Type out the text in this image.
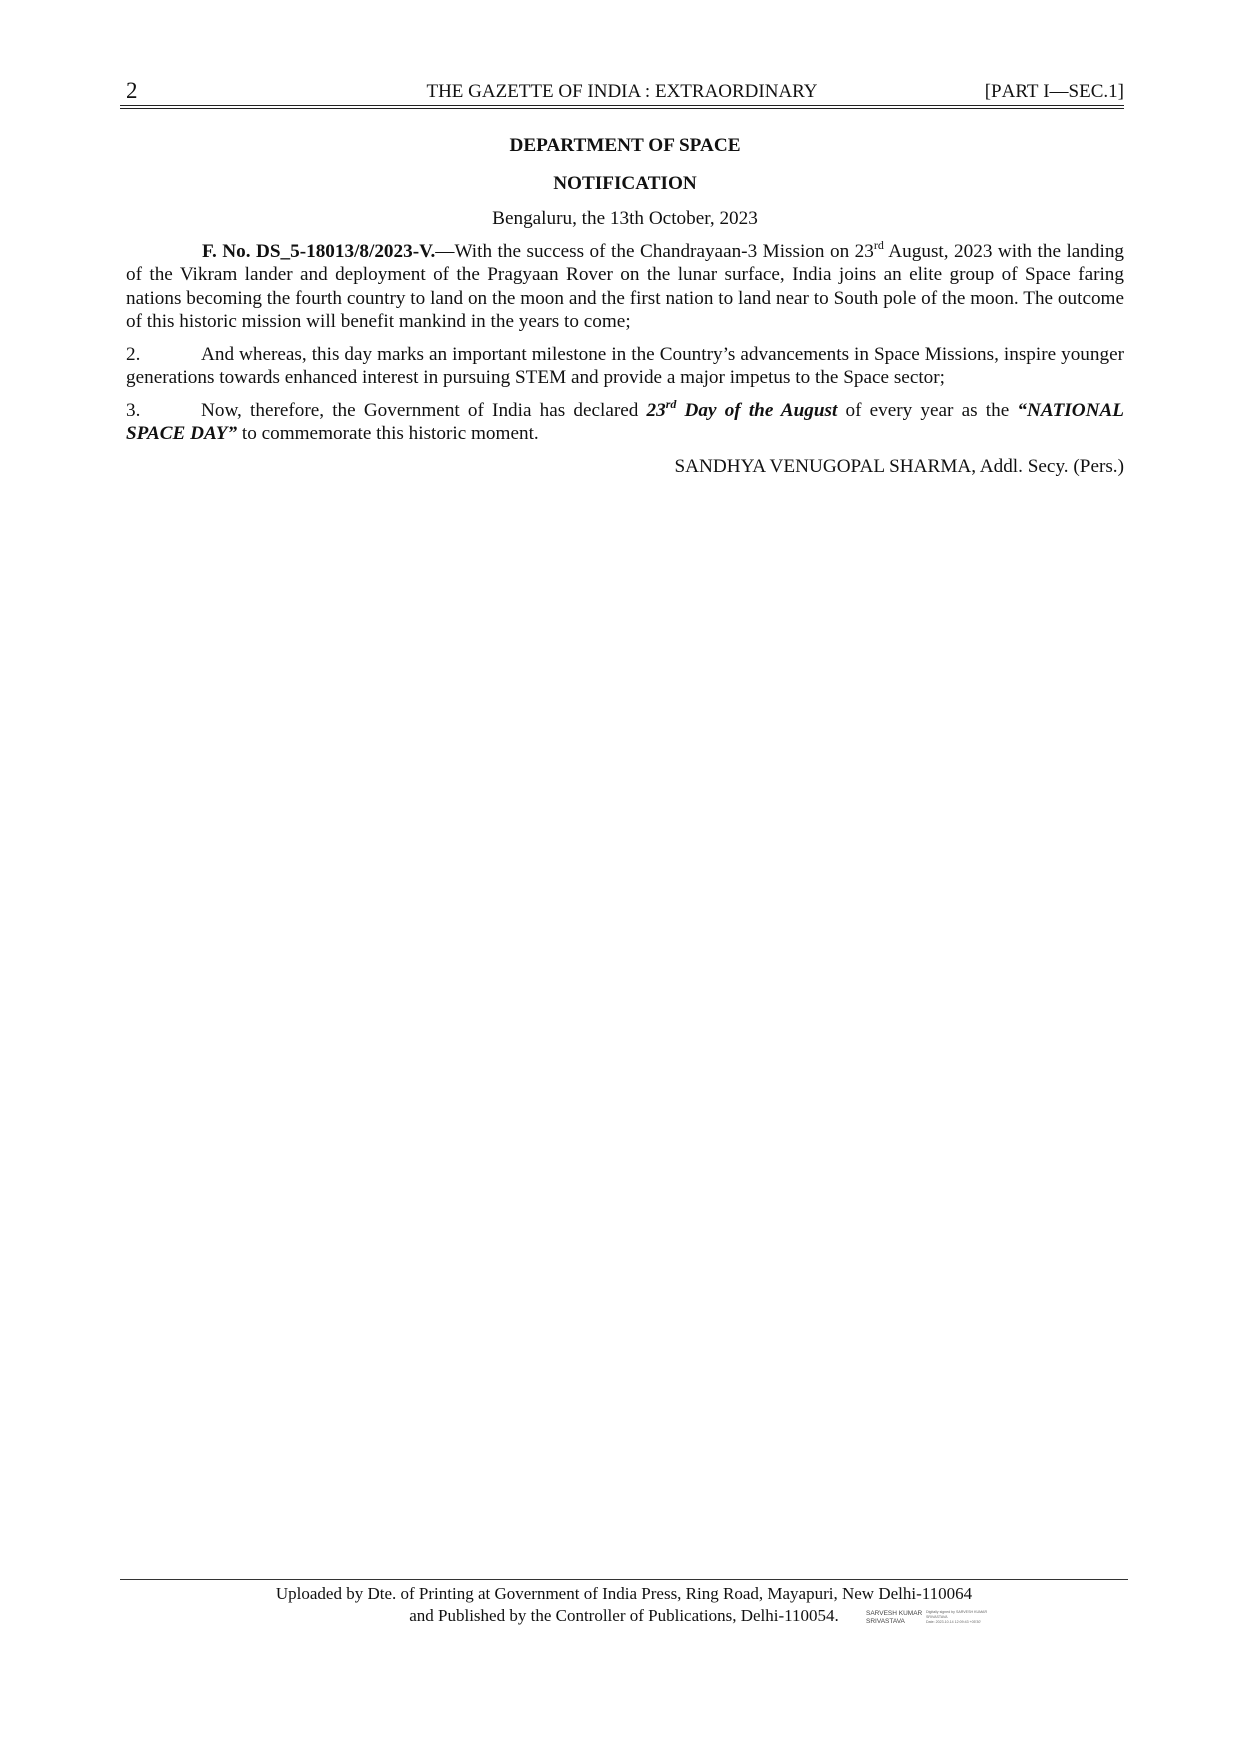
2	THE GAZETTE OF INDIA : EXTRAORDINARY	[PART I—SEC.1]

DEPARTMENT OF SPACE

NOTIFICATION

Bengaluru, the 13th October, 2023

F. No. DS_5-18013/8/2023-V.—With the success of the Chandrayaan-3 Mission on 23rd August, 2023 with the landing of the Vikram lander and deployment of the Pragyaan Rover on the lunar surface, India joins an elite group of Space faring nations becoming the fourth country to land on the moon and the first nation to land near to South pole of the moon. The outcome of this historic mission will benefit mankind in the years to come;

2.	And whereas, this day marks an important milestone in the Country’s advancements in Space Missions, inspire younger generations towards enhanced interest in pursuing STEM and provide a major impetus to the Space sector;

3.	Now, therefore, the Government of India has declared 23rd Day of the August of every year as the “NATIONAL SPACE DAY” to commemorate this historic moment.

SANDHYA VENUGOPAL SHARMA, Addl. Secy. (Pers.)

Uploaded by Dte. of Printing at Government of India Press, Ring Road, Mayapuri, New Delhi-110064
and Published by the Controller of Publications, Delhi-110054.	SARVESH KUMAR
SRIVASTAVA
Digitally signed by SARVESH KUMAR
SRIVASTAVA
Date: 2023.10.14 12:09:43 +05'30'
